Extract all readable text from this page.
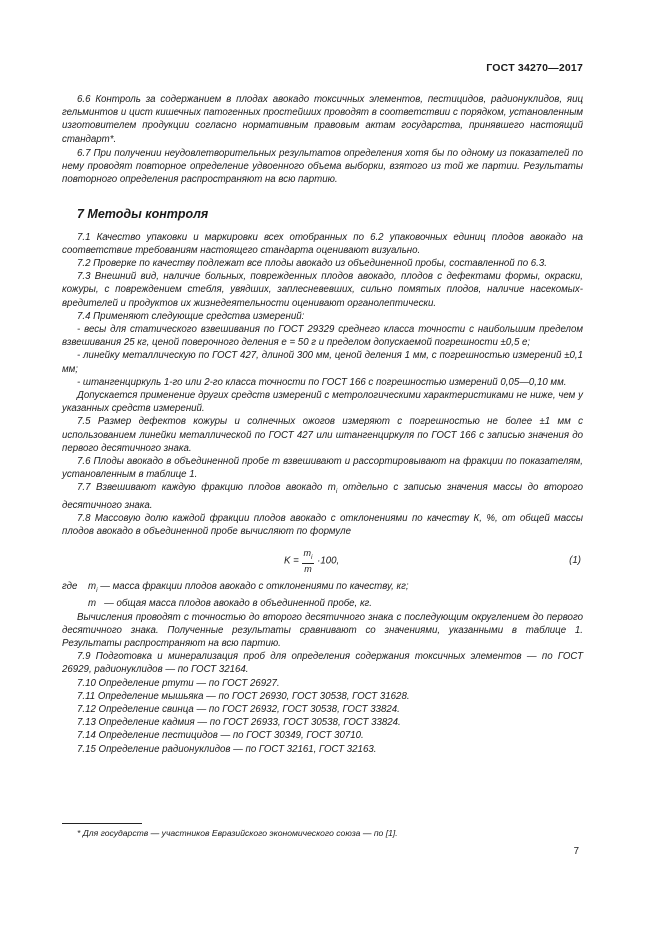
ГОСТ 34270—2017

6.6 Контроль за содержанием в плодах авокадо токсичных элементов, пестицидов, радионуклидов, яиц гельминтов и цист кишечных патогенных простейших проводят в соответствии с порядком, установленным изготовителем продукции согласно нормативным правовым актам государства, принявшего настоящий стандарт*.

6.7 При получении неудовлетворительных результатов определения хотя бы по одному из показателей по нему проводят повторное определение удвоенного объема выборки, взятого из той же партии. Результаты повторного определения распространяют на всю партию.

7 Методы контроля

7.1 Качество упаковки и маркировки всех отобранных по 6.2 упаковочных единиц плодов авокадо на соответствие требованиям настоящего стандарта оценивают визуально.

7.2 Проверке по качеству подлежат все плоды авокадо из объединенной пробы, составленной по 6.3.

7.3 Внешний вид, наличие больных, поврежденных плодов авокадо, плодов с дефектами формы, окраски, кожуры, с повреждением стебля, увядших, заплесневевших, сильно помятых плодов, наличие насекомых-вредителей и продуктов их жизнедеятельности оценивают органолептически.

7.4 Применяют следующие средства измерений:

- весы для статического взвешивания по ГОСТ 29329 среднего класса точности с наибольшим пределом взвешивания 25 кг, ценой поверочного деления e = 50 г и пределом допускаемой погрешности ±0,5 e;

- линейку металлическую по ГОСТ 427, длиной 300 мм, ценой деления 1 мм, с погрешностью измерений ±0,1 мм;

- штангенциркуль 1-го или 2-го класса точности по ГОСТ 166 с погрешностью измерений 0,05—0,10 мм.

Допускается применение других средств измерений с метрологическими характеристиками не ниже, чем у указанных средств измерений.

7.5 Размер дефектов кожуры и солнечных ожогов измеряют с погрешностью не более ±1 мм с использованием линейки металлической по ГОСТ 427 или штангенциркуля по ГОСТ 166 с записью значения до первого десятичного знака.

7.6 Плоды авокадо в объединенной пробе m взвешивают и рассортировывают на фракции по показателям, установленным в таблице 1.

7.7 Взвешивают каждую фракцию плодов авокадо $m_i$ отдельно с записью значения массы до второго десятичного знака.

7.8 Массовую долю каждой фракции плодов авокадо с отклонениями по качеству К, %, от общей массы плодов авокадо в объединенной пробе вычисляют по формуле

$K = \frac{m_i}{m} \cdot 100$,	(1)
где	$m_i$ — масса фракции плодов авокадо с отклонениями по качеству, кг;
m — общая масса плодов авокадо в объединенной пробе, кг.

Вычисления проводят с точностью до второго десятичного знака с последующим округлением до первого десятичного знака. Полученные результаты сравнивают со значениями, указанными в таблице 1. Результаты распространяют на всю партию.

7.9 Подготовка и минерализация проб для определения содержания токсичных элементов — по ГОСТ 26929, радионуклидов — по ГОСТ 32164.

7.10 Определение ртути — по ГОСТ 26927.

7.11 Определение мышьяка — по ГОСТ 26930, ГОСТ 30538, ГОСТ 31628.

7.12 Определение свинца — по ГОСТ 26932, ГОСТ 30538, ГОСТ 33824.

7.13 Определение кадмия — по ГОСТ 26933, ГОСТ 30538, ГОСТ 33824.

7.14 Определение пестицидов — по ГОСТ 30349, ГОСТ 30710.

7.15 Определение радионуклидов — по ГОСТ 32161, ГОСТ 32163.

* Для государств — участников Евразийского экономического союза — по [1].
7
